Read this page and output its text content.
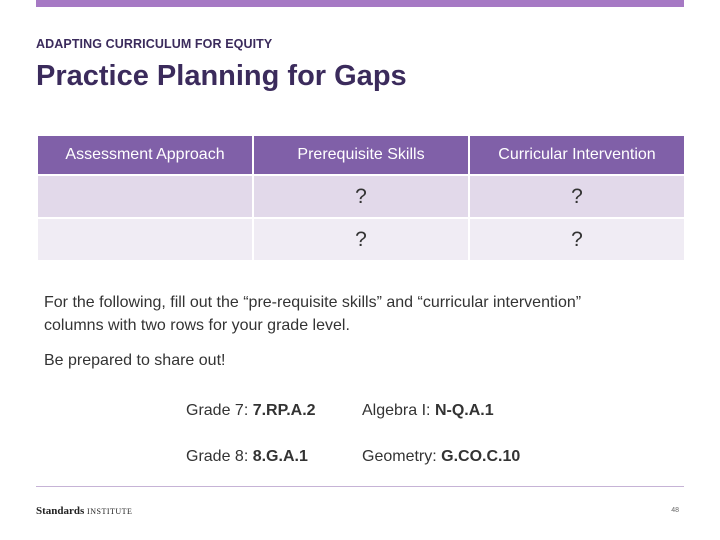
ADAPTING CURRICULUM FOR EQUITY
Practice Planning for Gaps
Assessment Approach	Prerequisite Skills	Curricular Intervention
	?	?
	?	?
For the following, fill out the “pre-requisite skills” and “curricular intervention” columns with two rows for your grade level.
Be prepared to share out!
Grade 7: 7.RP.A.2	Algebra I: N-Q.A.1
Grade 8: 8.G.A.1	Geometry: G.CO.C.10
Standards INSTITUTE	48
